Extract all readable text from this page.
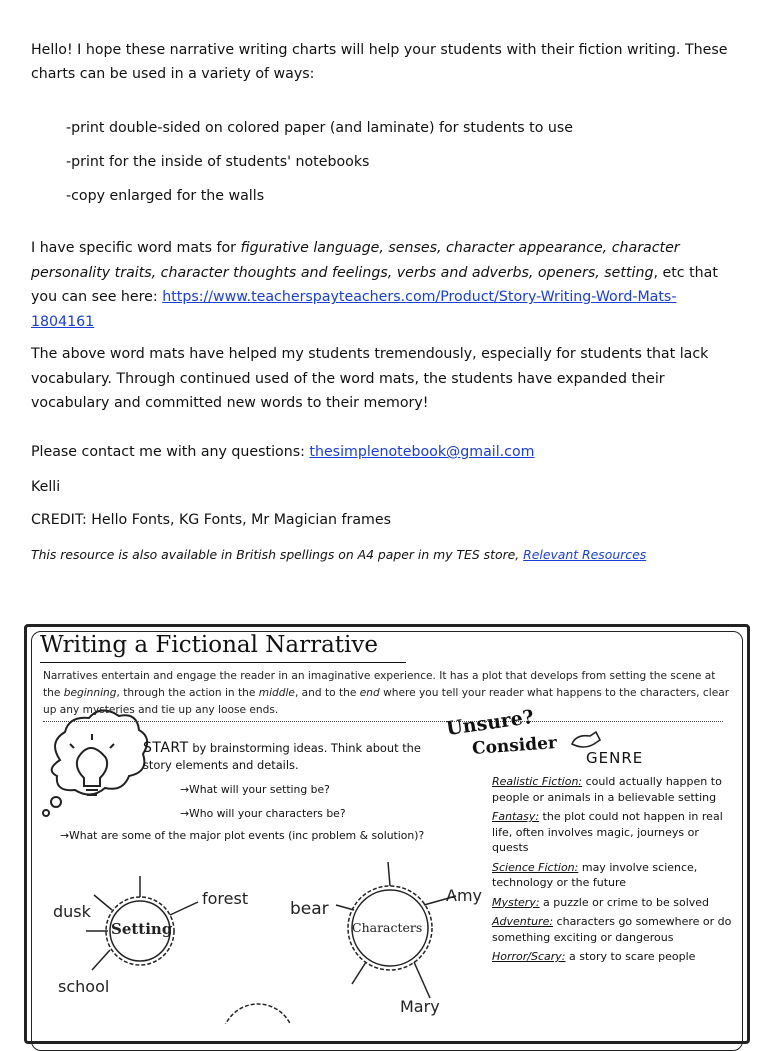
Hello! I hope these narrative writing charts will help your students with their fiction writing. These charts can be used in a variety of ways:

-print double-sided on colored paper (and laminate) for students to use
-print for the inside of students' notebooks
-copy enlarged for the walls
I have specific word mats for figurative language, senses, character appearance, character personality traits, character thoughts and feelings, verbs and adverbs, openers, setting, etc that you can see here: https://www.teacherspayteachers.com/Product/Story-Writing-Word-Mats-1804161
The above word mats have helped my students tremendously, especially for students that lack vocabulary. Through continued used of the word mats, the students have expanded their vocabulary and committed new words to their memory!
Please contact me with any questions: thesimplenotebook@gmail.com
Kelli
CREDIT: Hello Fonts, KG Fonts, Mr Magician frames
This resource is also available in British spellings on A4 paper in my TES store, Relevant Resources
Writing a Fictional Narrative
Narratives entertain and engage the reader in an imaginative experience. It has a plot that develops from setting the scene at the beginning, through the action in the middle, and to the end where you tell your reader what happens to the characters, clear up any mysteries and tie up any loose ends.
START by brainstorming ideas. Think about the story elements and details.
→What will your setting be?
→Who will your characters be?
→What are some of the major plot events (inc problem & solution)?
Unsure?
Consider GENRE
Realistic Fiction: could actually happen to people or animals in a believable setting
Fantasy: the plot could not happen in real life, often involves magic, journeys or quests
Science Fiction: may involve science, technology or the future
Mystery: a puzzle or crime to be solved
Adventure: characters go somewhere or do something exciting or dangerous
Horror/Scary: a story to scare people
Setting	Characters
dusk
forest
school
bear
Amy
Mary
